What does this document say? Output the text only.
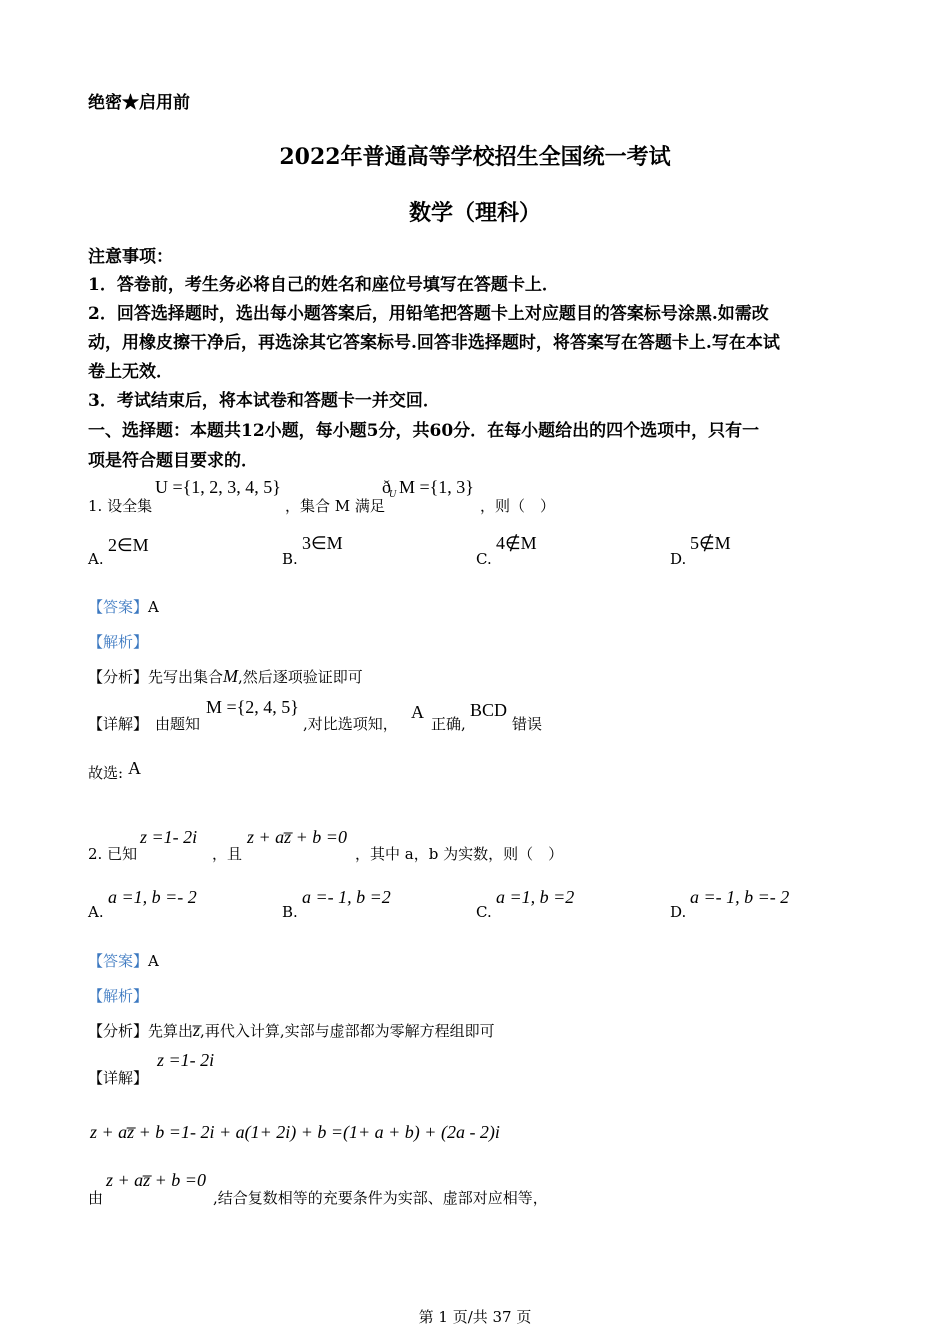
绝密★启用前
2022年普通高等学校招生全国统一考试
数学（理科）
注意事项：
1．答卷前，考生务必将自己的姓名和座位号填写在答题卡上．
2．回答选择题时，选出每小题答案后，用铅笔把答题卡上对应题目的答案标号涂黑.如需改
动，用橡皮擦干净后，再选涂其它答案标号.回答非选择题时，将答案写在答题卡上.写在本试
卷上无效．
3．考试结束后，将本试卷和答题卡一并交回．
一、选择题：本题共12小题，每小题5分，共60分．在每小题给出的四个选项中，只有一
项是符合题目要求的．
1. 设全集
U ={1, 2, 3, 4, 5}
，集合 M 满足
ð
U M ={1, 3}
，则（　）
A.
2∈M
B.
3∈M
C.
4∉M
D.
5∉M
【答案】A
【解析】
【分析】先写出集合M,然后逐项验证即可
【详解】 由题知
M ={2, 4, 5}
,对比选项知，
A
正确,
BCD
错误
故选: A
2. 已知
z =1- 2i
，且
z + az̅ + b =0
，其中 a，b 为实数，则（　）
A.
a =1, b =- 2
B.
a =- 1, b =2
C.
a =1, b =2
D.
a =- 1, b =- 2
【答案】A
【解析】
【分析】先算出z̅,再代入计算,实部与虚部都为零解方程组即可
【详解】
z =1- 2i
z + az̅ + b =1- 2i + a(1+ 2i) + b =(1+ a + b) + (2a - 2)i
由
z + az̅ + b =0
,结合复数相等的充要条件为实部、虚部对应相等，
第 1 页/共 37 页
